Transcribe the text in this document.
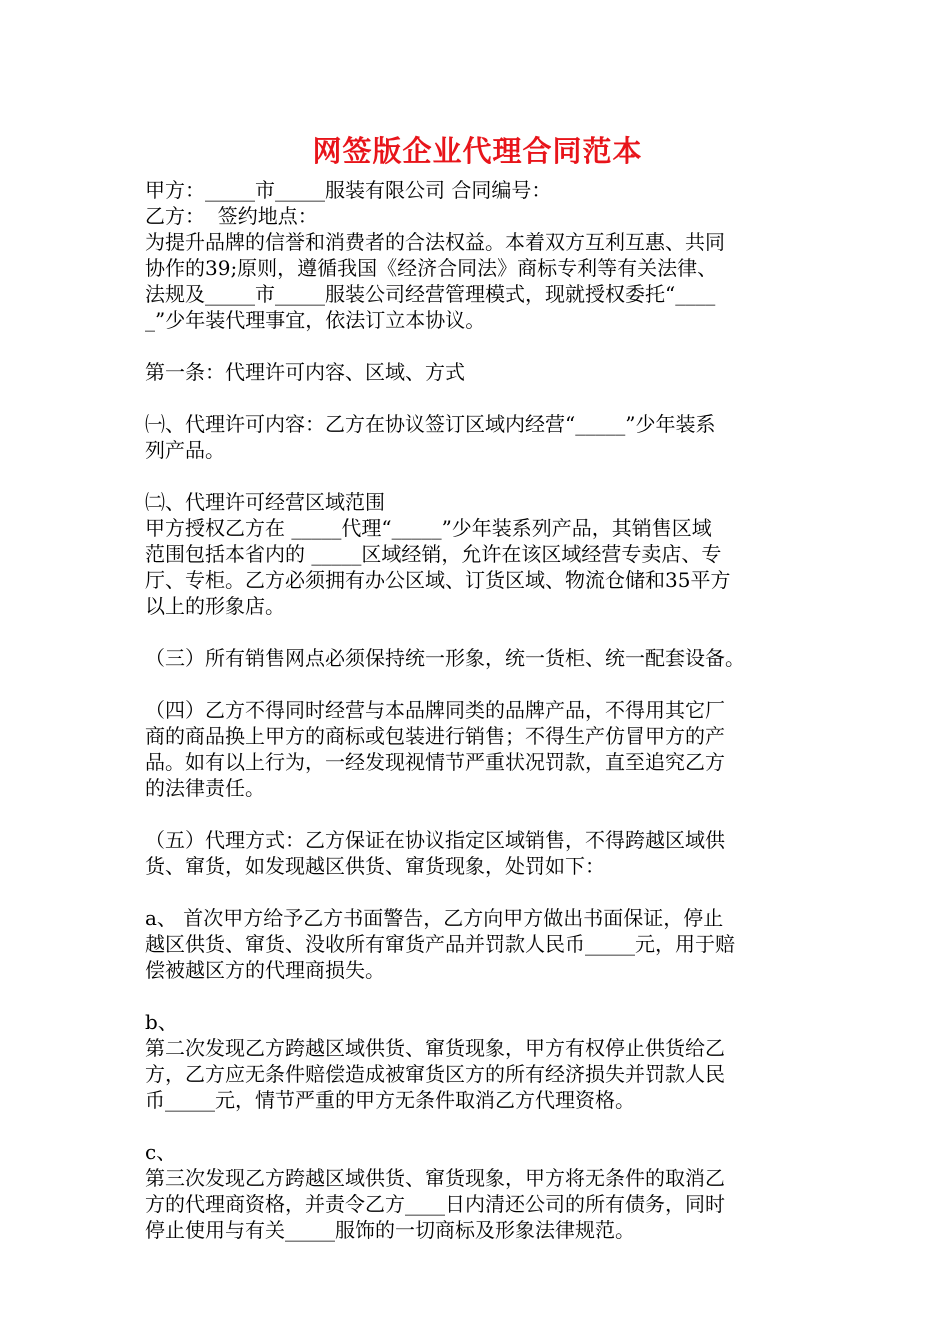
网签版企业代理合同范本
甲方：_____市_____服装有限公司 合同编号：
乙方：  签约地点：
为提升品牌的信誉和消费者的合法权益。本着双方互利互惠、共同
协作的39;原则，遵循我国《经济合同法》商标专利等有关法律、
法规及_____市_____服装公司经营管理模式，现就授权委托“____
_”少年装代理事宜，依法订立本协议。
第一条：代理许可内容、区域、方式
㈠、代理许可内容：乙方在协议签订区域内经营“_____”少年装系
列产品。
㈡、代理许可经营区域范围
甲方授权乙方在 _____代理“_____”少年装系列产品，其销售区域
范围包括本省内的 _____区域经销，允许在该区域经营专卖店、专
厅、专柜。乙方必须拥有办公区域、订货区域、物流仓储和35平方
以上的形象店。
（三）所有销售网点必须保持统一形象，统一货柜、统一配套设备。
（四）乙方不得同时经营与本品牌同类的品牌产品，不得用其它厂
商的商品换上甲方的商标或包装进行销售；不得生产仿冒甲方的产
品。如有以上行为，一经发现视情节严重状况罚款，直至追究乙方
的法律责任。
（五）代理方式：乙方保证在协议指定区域销售，不得跨越区域供
货、窜货，如发现越区供货、窜货现象，处罚如下：
a、 首次甲方给予乙方书面警告，乙方向甲方做出书面保证，停止
越区供货、窜货、没收所有窜货产品并罚款人民币_____元，用于赔
偿被越区方的代理商损失。
b、
第二次发现乙方跨越区域供货、窜货现象，甲方有权停止供货给乙
方，乙方应无条件赔偿造成被窜货区方的所有经济损失并罚款人民
币_____元，情节严重的甲方无条件取消乙方代理资格。
c、
第三次发现乙方跨越区域供货、窜货现象，甲方将无条件的取消乙
方的代理商资格，并责令乙方____日内清还公司的所有债务，同时
停止使用与有关_____服饰的一切商标及形象法律规范。
